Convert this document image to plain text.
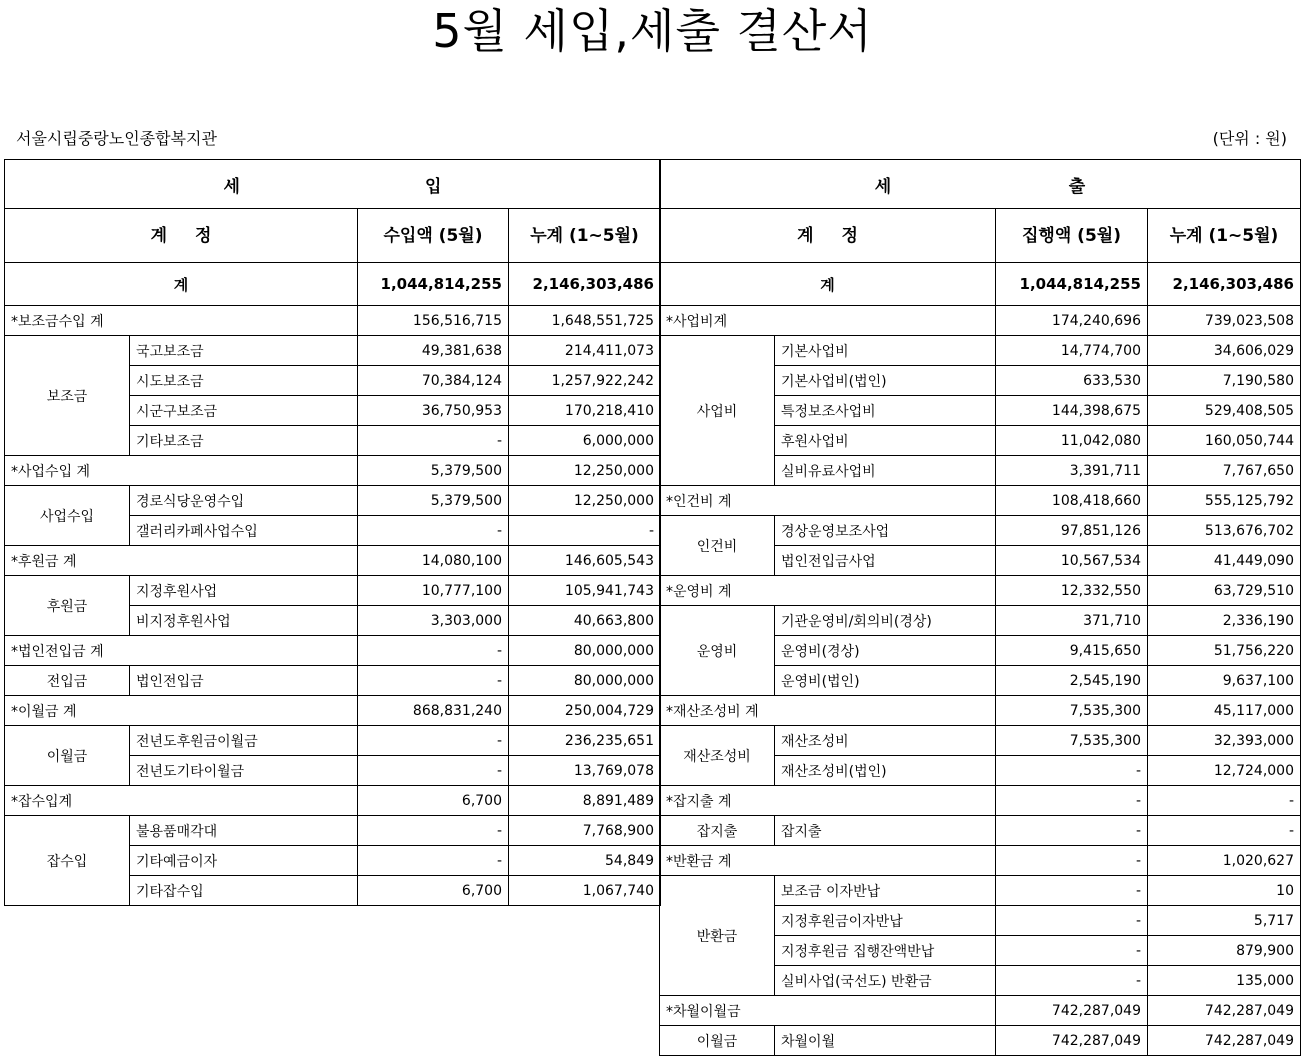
5월 세입,세출 결산서
서울시립중랑노인종합복지관	(단위 : 원)
세 입			

계 정		수입액 (5월)	누계 (1~5월)
계		1,044,814,255	2,146,303,486
*보조금수입 계		156,516,715	1,648,551,725
보조금	국고보조금	49,381,638	214,411,073
	시도보조금	70,384,124	1,257,922,242
	시군구보조금	36,750,953	170,218,410
	기타보조금	-	6,000,000
*사업수입 계		5,379,500	12,250,000
사업수입	경로식당운영수입	5,379,500	12,250,000
	갤러리카페사업수입	-	-
*후원금 계		14,080,100	146,605,543
후원금	지정후원사업	10,777,100	105,941,743
	비지정후원사업	3,303,000	40,663,800
*법인전입금 계		-	80,000,000
전입금	법인전입금	-	80,000,000
*이월금 계		868,831,240	250,004,729
이월금	전년도후원금이월금	-	236,235,651
	전년도기타이월금	-	13,769,078
*잡수입계		6,700	8,891,489
잡수입	불용품매각대	-	7,768,900
	기타예금이자	-	54,849
	기타잡수입	6,700	1,067,740
세 출			

계 정		집행액 (5월)	누계 (1~5월)
계		1,044,814,255	2,146,303,486
*사업비계		174,240,696	739,023,508
사업비	기본사업비	14,774,700	34,606,029
	기본사업비(법인)	633,530	7,190,580
	특정보조사업비	144,398,675	529,408,505
	후원사업비	11,042,080	160,050,744
	실비유료사업비	3,391,711	7,767,650
*인건비 계		108,418,660	555,125,792
인건비	경상운영보조사업	97,851,126	513,676,702
	법인전입금사업	10,567,534	41,449,090
*운영비 계		12,332,550	63,729,510
운영비	기관운영비/회의비(경상)	371,710	2,336,190
	운영비(경상)	9,415,650	51,756,220
	운영비(법인)	2,545,190	9,637,100
*재산조성비 계		7,535,300	45,117,000
재산조성비	재산조성비	7,535,300	32,393,000
	재산조성비(법인)	-	12,724,000
*잡지출 계		-	-
잡지출	잡지출	-	-
*반환금 계		-	1,020,627
반환금	보조금 이자반납	-	10
	지정후원금이자반납	-	5,717
	지정후원금 집행잔액반납	-	879,900
	실비사업(국선도) 반환금	-	135,000
*차월이월금		742,287,049	742,287,049
이월금	차월이월	742,287,049	742,287,049
